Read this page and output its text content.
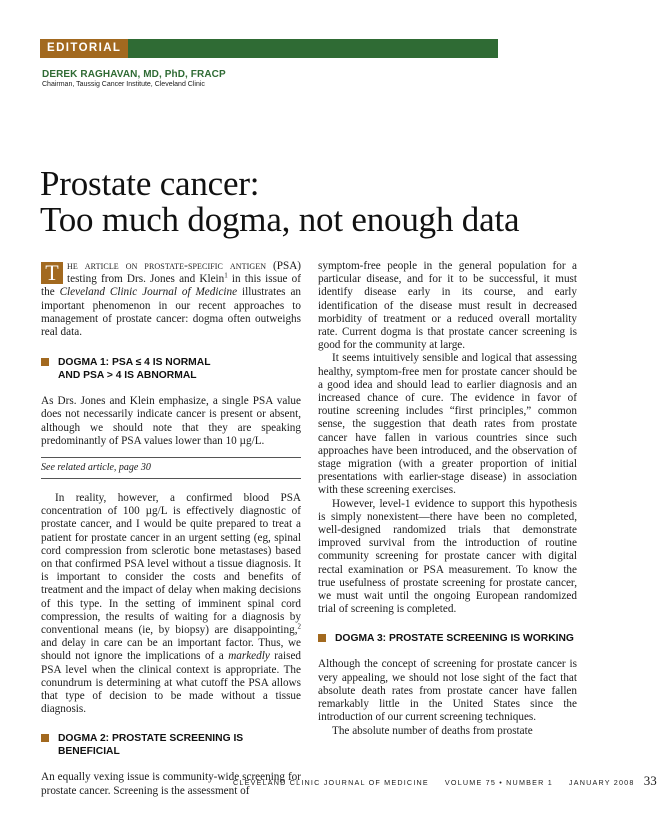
EDITORIAL
DEREK RAGHAVAN, MD, PhD, FRACP
Chairman, Taussig Cancer Institute, Cleveland Clinic
Prostate cancer:
Too much dogma, not enough data

T he article on prostate-specific antigen (PSA) testing from Drs. Jones and Klein$^1$ in this issue of the Cleveland Clinic Journal of Medicine illustrates an important phenomenon in our recent approaches to management of prostate cancer: dogma often outweighs real data.

DOGMA 1: PSA ≤ 4 IS NORMAL
AND PSA > 4 IS ABNORMAL

As Drs. Jones and Klein emphasize, a single PSA value does not necessarily indicate cancer is present or absent, although we should note that they are speaking predominantly of PSA values lower than 10 µg/L.

See related article, page 30

In reality, however, a confirmed blood PSA concentration of 100 µg/L is effectively diagnostic of prostate cancer, and I would be quite prepared to treat a patient for prostate cancer in an urgent setting (eg, spinal cord compression from sclerotic bone metastases) based on that confirmed PSA level without a tissue diagnosis. It is important to consider the costs and benefits of treatment and the impact of delay when making decisions of this type. In the setting of imminent spinal cord compression, the results of waiting for a diagnosis by conventional means (ie, by biopsy) are disappointing,$^2$ and delay in care can be an important factor. Thus, we should not ignore the implications of a markedly raised PSA level when the clinical context is appropriate. The conundrum is determining at what cutoff the PSA allows that type of decision to be made without a tissue diagnosis.

DOGMA 2: PROSTATE SCREENING IS BENEFICIAL

An equally vexing issue is community-wide screening for prostate cancer. Screening is the assessment of

symptom-free people in the general population for a particular disease, and for it to be successful, it must identify disease early in its course, and early identification of the disease must result in decreased morbidity of treatment or a reduced overall mortality rate. Current dogma is that prostate cancer screening is good for the community at large.

It seems intuitively sensible and logical that assessing healthy, symptom-free men for prostate cancer should be a good idea and should lead to earlier diagnosis and an increased chance of cure. The evidence in favor of routine screening includes “first principles,” common sense, the suggestion that death rates from prostate cancer have fallen in various countries since such approaches have been introduced, and the observation of stage migration (with a greater proportion of initial presentations with earlier-stage disease) in association with these screening exercises.

However, level-1 evidence to support this hypothesis is simply nonexistent—there have been no completed, well-designed randomized trials that demonstrate improved survival from the introduction of routine community screening for prostate cancer with digital rectal examination or PSA measurement. To know the true usefulness of prostate screening for prostate cancer, we must wait until the ongoing European randomized trial of screening is completed.

DOGMA 3: PROSTATE SCREENING IS WORKING

Although the concept of screening for prostate cancer is very appealing, we should not lose sight of the fact that absolute death rates from prostate cancer have fallen remarkably little in the United States since the introduction of our current screening techniques.

The absolute number of deaths from prostate

CLEVELAND CLINIC JOURNAL OF MEDICINE VOLUME 75 • NUMBER 1 JANUARY 2008 33
